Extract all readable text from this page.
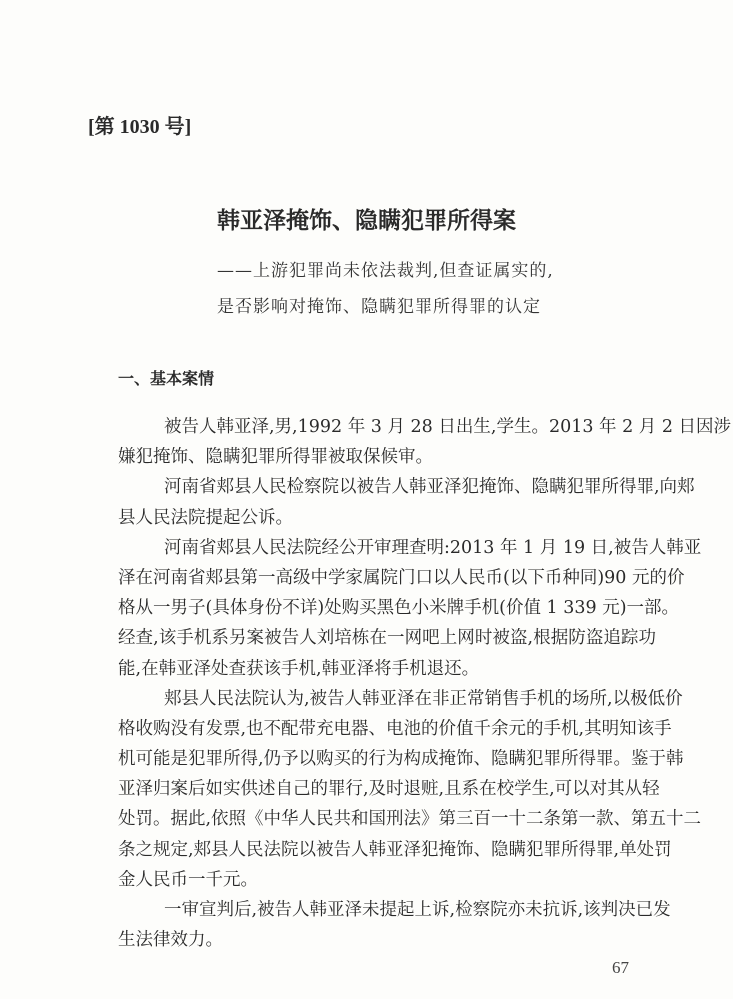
[第 1030 号]
韩亚泽掩饰、隐瞒犯罪所得案
——上游犯罪尚未依法裁判,但查证属实的,
是否影响对掩饰、隐瞒犯罪所得罪的认定
一、基本案情
被告人韩亚泽,男,1992 年 3 月 28 日出生,学生。2013 年 2 月 2 日因涉
嫌犯掩饰、隐瞒犯罪所得罪被取保候审。
河南省郏县人民检察院以被告人韩亚泽犯掩饰、隐瞒犯罪所得罪,向郏
县人民法院提起公诉。
河南省郏县人民法院经公开审理查明:2013 年 1 月 19 日,被告人韩亚
泽在河南省郏县第一高级中学家属院门口以人民币(以下币种同)90 元的价
格从一男子(具体身份不详)处购买黑色小米牌手机(价值 1 339 元)一部。
经查,该手机系另案被告人刘培栋在一网吧上网时被盗,根据防盗追踪功
能,在韩亚泽处查获该手机,韩亚泽将手机退还。
郏县人民法院认为,被告人韩亚泽在非正常销售手机的场所,以极低价
格收购没有发票,也不配带充电器、电池的价值千余元的手机,其明知该手
机可能是犯罪所得,仍予以购买的行为构成掩饰、隐瞒犯罪所得罪。鉴于韩
亚泽归案后如实供述自己的罪行,及时退赃,且系在校学生,可以对其从轻
处罚。据此,依照《中华人民共和国刑法》第三百一十二条第一款、第五十二
条之规定,郏县人民法院以被告人韩亚泽犯掩饰、隐瞒犯罪所得罪,单处罚
金人民币一千元。
一审宣判后,被告人韩亚泽未提起上诉,检察院亦未抗诉,该判决已发
生法律效力。
67
